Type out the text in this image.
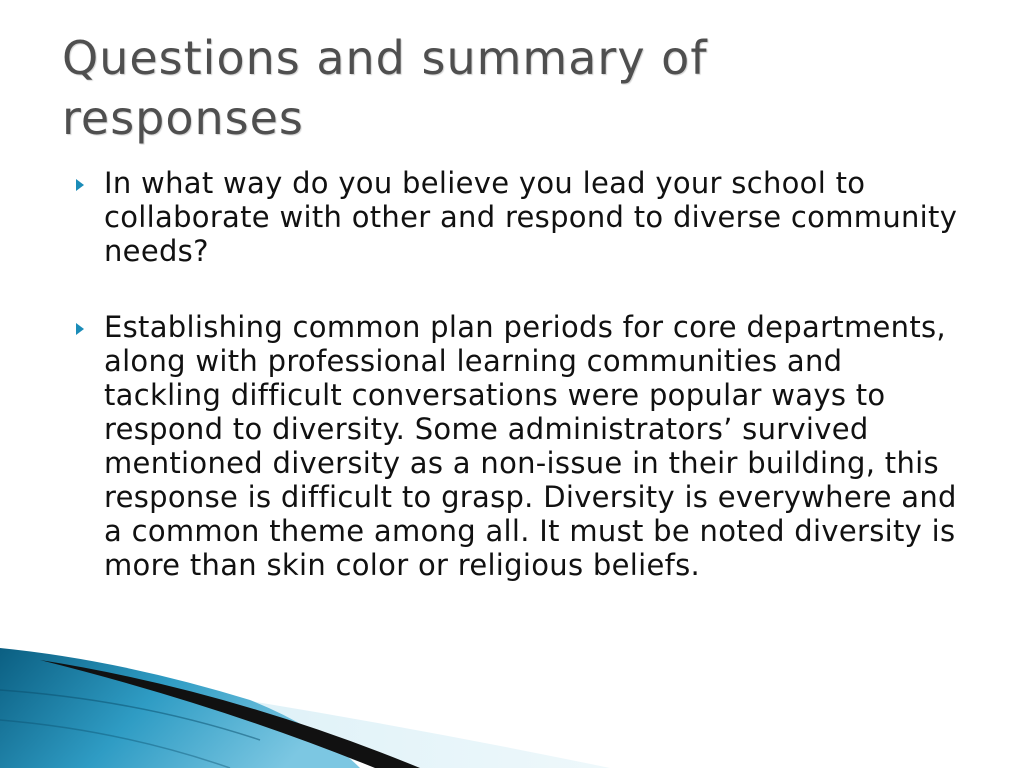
Questions and summary of responses
In what way do you believe you lead your school to collaborate with other and respond to diverse community needs?
Establishing common plan periods for core departments, along with professional learning communities and tackling difficult conversations were popular ways to respond to diversity. Some administrators’ survived mentioned diversity as a non-issue in their building, this response is difficult to grasp. Diversity is everywhere and a common theme among all. It must be noted diversity is more than skin color or religious beliefs.
